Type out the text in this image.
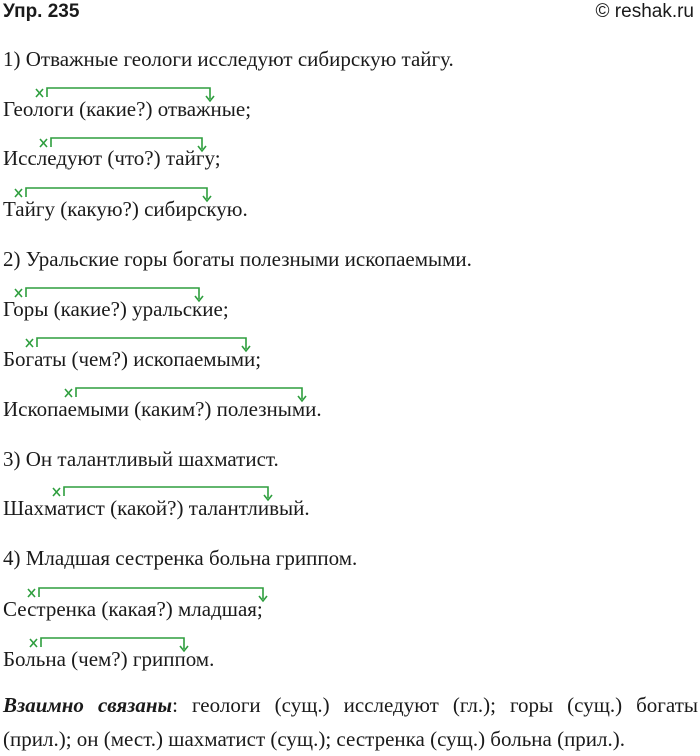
Упр. 235	© reshak.ru
1) Отважные геологи исследуют сибирскую тайгу.
Геологи (какие?) отважные;
Исследуют (что?) тайгу;
Тайгу (какую?) сибирскую.
2) Уральские горы богаты полезными ископаемыми.
Горы (какие?) уральские;
Богаты (чем?) ископаемыми;
Ископаемыми (каким?) полезными.
3) Он талантливый шахматист.
Шахматист (какой?) талантливый.
4) Младшая сестренка больна гриппом.
Сестренка (какая?) младшая;
Больна (чем?) гриппом.
Взаимно связаны: геологи (сущ.) исследуют (гл.); горы (сущ.) богаты (прил.); он (мест.) шахматист (сущ.); сестренка (сущ.) больна (прил.).
